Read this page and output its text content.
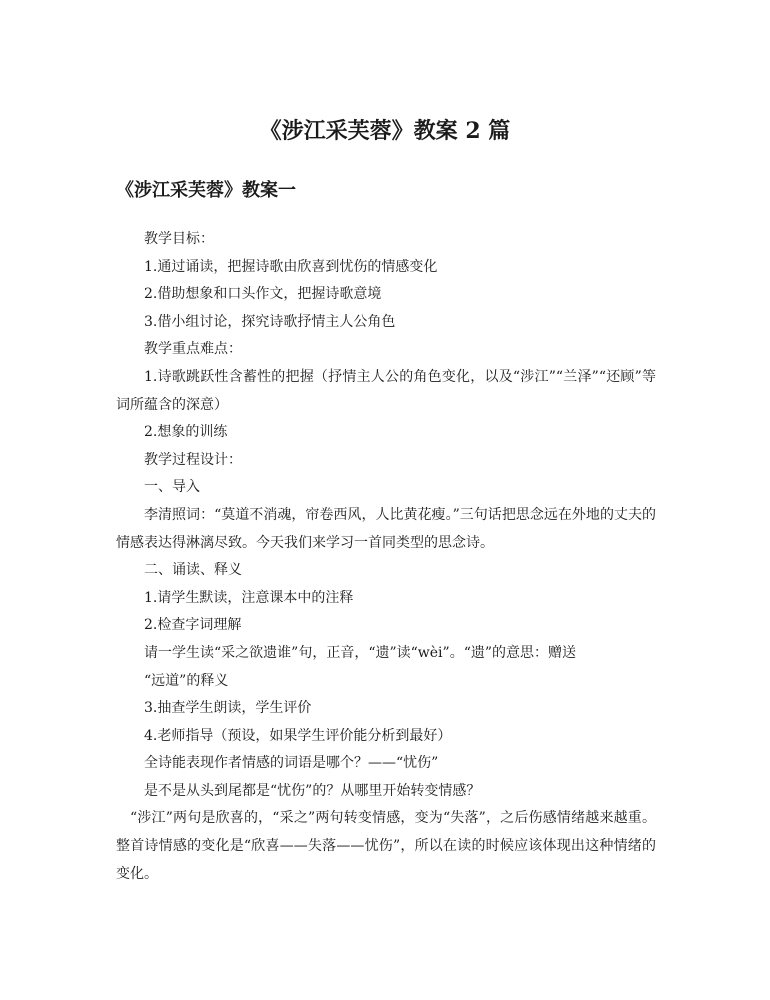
《涉江采芙蓉》教案 2 篇
《涉江采芙蓉》教案一

教学目标：

1.通过诵读，把握诗歌由欣喜到忧伤的情感变化

2.借助想象和口头作文，把握诗歌意境

3.借小组讨论，探究诗歌抒情主人公角色

教学重点难点：

1.诗歌跳跃性含蓄性的把握（抒情主人公的角色变化，以及“涉江”“兰泽”“还顾”等词所蕴含的深意）

2.想象的训练

教学过程设计：

一、导入

李清照词：“莫道不消魂，帘卷西风，人比黄花瘦。”三句话把思念远在外地的丈夫的情感表达得淋漓尽致。今天我们来学习一首同类型的思念诗。

二、诵读、释义

1.请学生默读，注意课本中的注释

2.检查字词理解

请一学生读“采之欲遗谁”句，正音，“遗”读“wèi”。“遗”的意思：赠送

“远道”的释义

3.抽查学生朗读，学生评价

4.老师指导（预设，如果学生评价能分析到最好）

全诗能表现作者情感的词语是哪个？——“忧伤”

是不是从头到尾都是“忧伤”的？从哪里开始转变情感？

“涉江”两句是欣喜的，“采之”两句转变情感，变为“失落”，之后伤感情绪越来越重。整首诗情感的变化是“欣喜——失落——忧伤”，所以在读的时候应该体现出这种情绪的变化。
